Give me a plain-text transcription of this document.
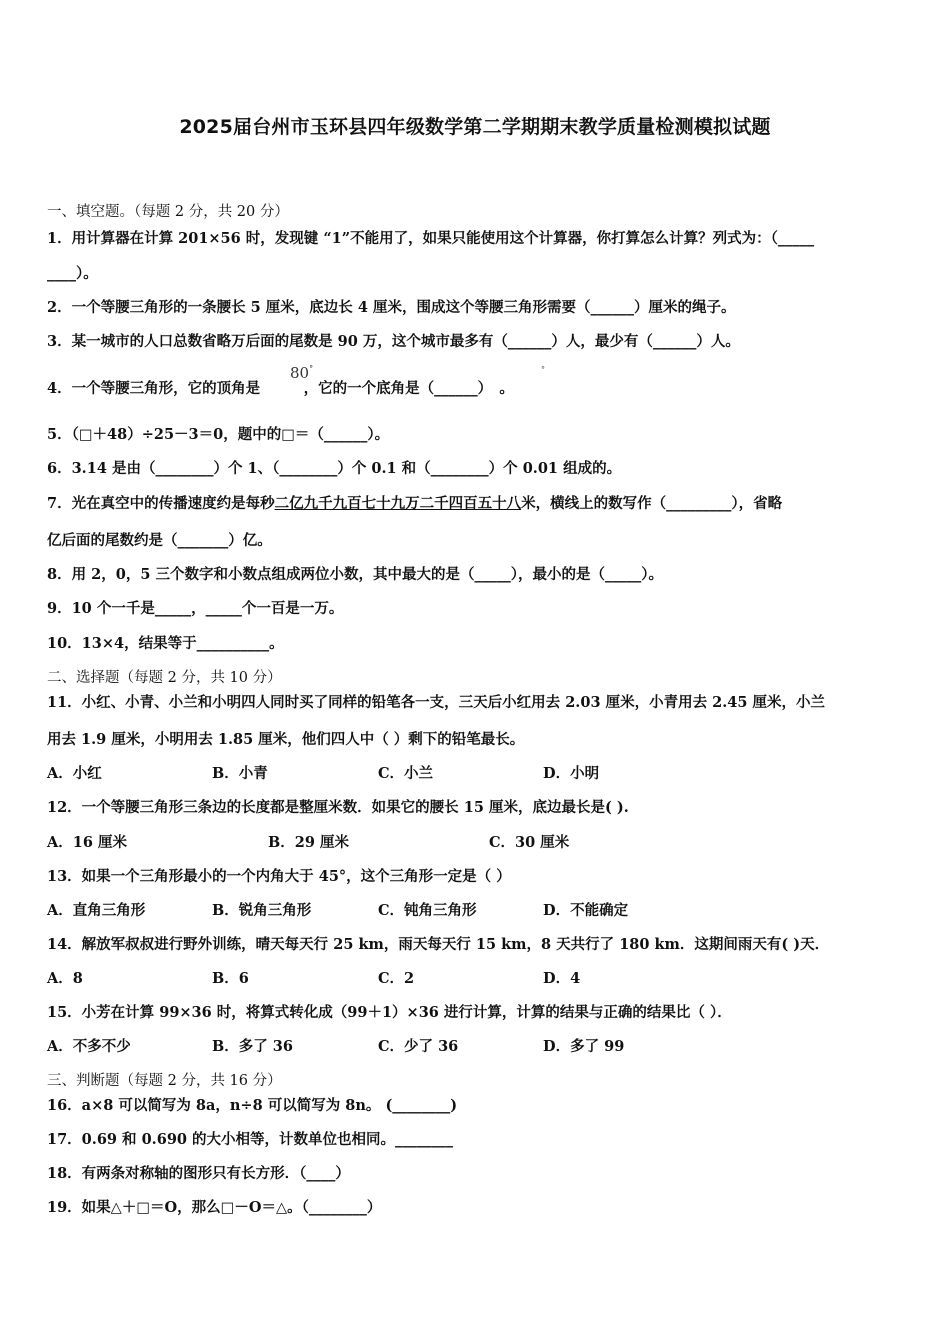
2025届台州市玉环县四年级数学第二学期期末教学质量检测模拟试题
一、填空题。（每题 2 分，共 20 分）
1．用计算器在计算 201×56 时，发现键 “1”不能用了，如果只能使用这个计算器，你打算怎么计算？列式为：（_____
____）。
2．一个等腰三角形的一条腰长 5 厘米，底边长 4 厘米，围成这个等腰三角形需要（______）厘米的绳子。
3．某一城市的人口总数省略万后面的尾数是 90 万，这个城市最多有（______）人，最少有（______）人。
4．一个等腰三角形，它的顶角是　　　，它的一个底角是（______）　。
80°	°
5．（□＋48）÷25－3＝0，题中的□＝（______）。
6．3.14 是由（________）个 1、（________）个 0.1 和（________）个 0.01 组成的。
7．光在真空中的传播速度约是每秒二亿九千九百七十九万二千四百五十八米，横线上的数写作（_________），省略
亿后面的尾数约是（_______）亿。
8．用 2，0，5 三个数字和小数点组成两位小数，其中最大的是（_____），最小的是（_____）。
9．10 个一千是_____，_____个一百是一万。
10．13×4，结果等于__________。
二、选择题（每题 2 分，共 10 分）
11．小红、小青、小兰和小明四人同时买了同样的铅笔各一支，三天后小红用去 2.03 厘米，小青用去 2.45 厘米，小兰
用去 1.9 厘米，小明用去 1.85 厘米，他们四人中（ ）剩下的铅笔最长。
A．小红	B．小青	C．小兰	D．小明
12．一个等腰三角形三条边的长度都是整厘米数．如果它的腰长 15 厘米，底边最长是( ).
A．16 厘米	B．29 厘米	C．30 厘米
13．如果一个三角形最小的一个内角大于 45°，这个三角形一定是（ ）
A．直角三角形	B．锐角三角形	C．钝角三角形	D．不能确定
14．解放军叔叔进行野外训练，晴天每天行 25 km，雨天每天行 15 km，8 天共行了 180 km．这期间雨天有( )天．
A．8	B．6	C．2	D．4
15．小芳在计算 99×36 时，将算式转化成（99＋1）×36 进行计算，计算的结果与正确的结果比（ ）．
A．不多不少	B．多了 36	C．少了 36	D．多了 99
三、判断题（每题 2 分，共 16 分）
16．a×8 可以简写为 8a，n÷8 可以简写为 8n。 (________)
17．0.69 和 0.690 的大小相等，计数单位也相同。________
18．有两条对称轴的图形只有长方形．（____）
19．如果△＋□＝O，那么□－O＝△。（________）
